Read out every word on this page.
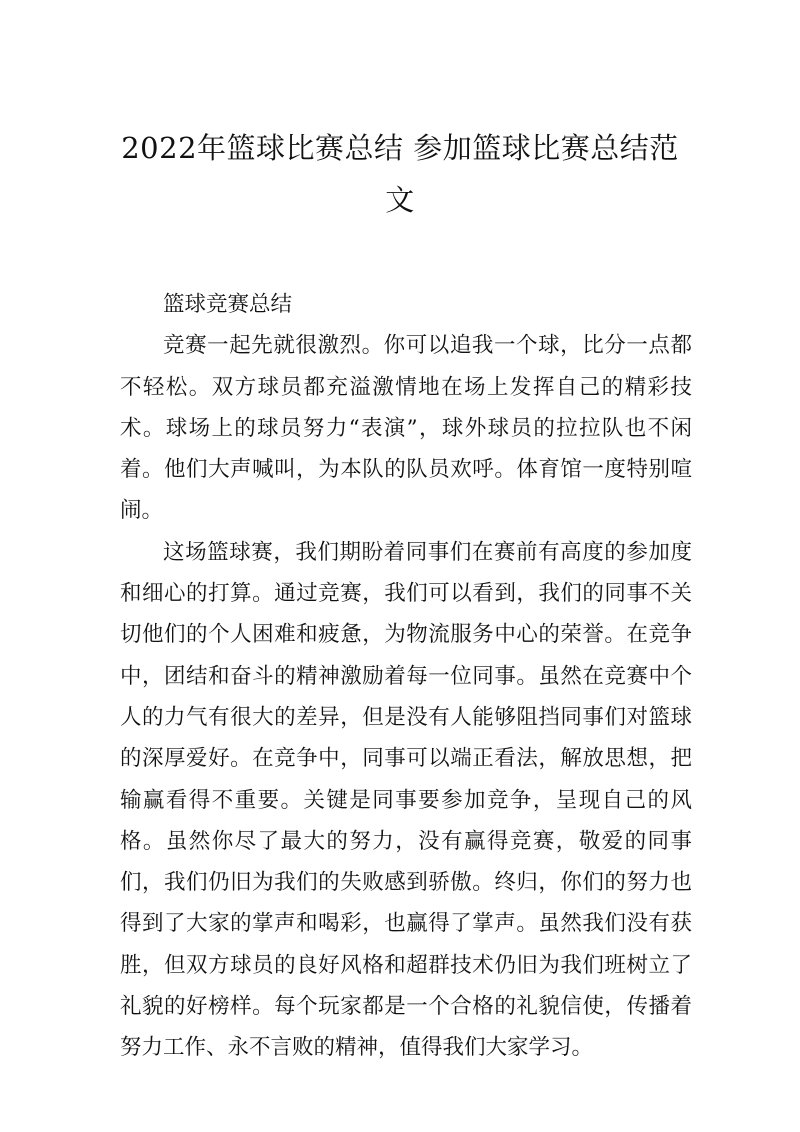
2022年篮球比赛总结 参加篮球比赛总结范文

篮球竞赛总结

竞赛一起先就很激烈。你可以追我一个球，比分一点都不轻松。双方球员都充溢激情地在场上发挥自己的精彩技术。球场上的球员努力“表演”，球外球员的拉拉队也不闲着。他们大声喊叫，为本队的队员欢呼。体育馆一度特别喧闹。

这场篮球赛，我们期盼着同事们在赛前有高度的参加度和细心的打算。通过竞赛，我们可以看到，我们的同事不关切他们的个人困难和疲惫，为物流服务中心的荣誉。在竞争中，团结和奋斗的精神激励着每一位同事。虽然在竞赛中个人的力气有很大的差异，但是没有人能够阻挡同事们对篮球的深厚爱好。在竞争中，同事可以端正看法，解放思想，把输赢看得不重要。关键是同事要参加竞争，呈现自己的风格。虽然你尽了最大的努力，没有赢得竞赛，敬爱的同事们，我们仍旧为我们的失败感到骄傲。终归，你们的努力也得到了大家的掌声和喝彩，也赢得了掌声。虽然我们没有获胜，但双方球员的良好风格和超群技术仍旧为我们班树立了礼貌的好榜样。每个玩家都是一个合格的礼貌信使，传播着努力工作、永不言败的精神，值得我们大家学习。
